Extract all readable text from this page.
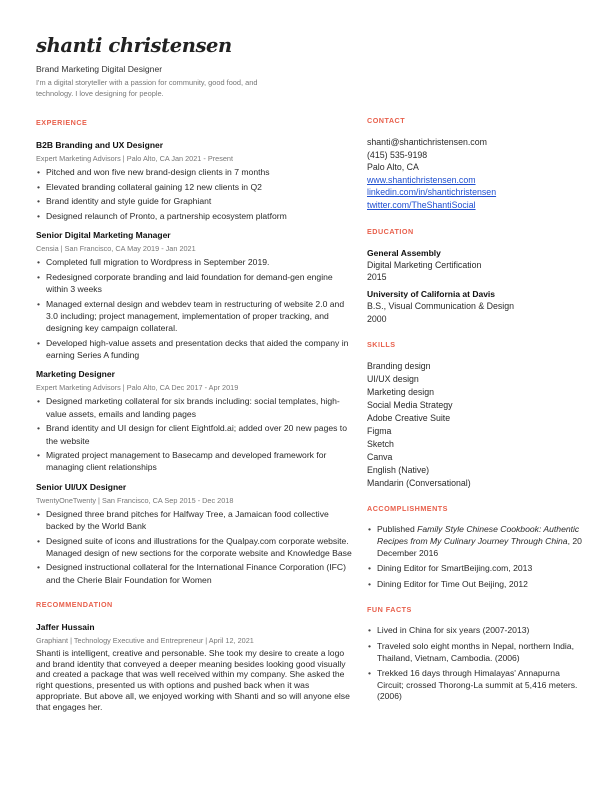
shanti christensen
Brand Marketing Digital Designer
I'm a digital storyteller with a passion for community, good food, and technology. I love designing for people.
EXPERIENCE
B2B Branding and UX Designer
Expert Marketing Advisors | Palo Alto, CA Jan 2021 - Present
• Pitched and won five new brand-design clients in 7 months
• Elevated branding collateral gaining 12 new clients in Q2
• Brand identity and style guide for Graphiant
• Designed relaunch of Pronto, a partnership ecosystem platform
Senior Digital Marketing Manager
Censia | San Francisco, CA May 2019 - Jan 2021
• Completed full migration to Wordpress in September 2019.
• Redesigned corporate branding and laid foundation for demand-gen engine within 3 weeks
• Managed external design and webdev team in restructuring of website 2.0 and 3.0 including; project management, implementation of proper tracking, and designing key campaign collateral.
• Developed high-value assets and presentation decks that aided the company in earning Series A funding
Marketing Designer
Expert Marketing Advisors | Palo Alto, CA Dec 2017 - Apr 2019
• Designed marketing collateral for six brands including: social templates, high-value assets, emails and landing pages
• Brand identity and UI design for client Eightfold.ai; added over 20 new pages to the website
• Migrated project management to Basecamp and developed framework for managing client relationships
Senior UI/UX Designer
TwentyOneTwenty | San Francisco, CA Sep 2015 - Dec 2018
• Designed three brand pitches for Halfway Tree, a Jamaican food collective backed by the World Bank
• Designed suite of icons and illustrations for the Qualpay.com corporate website. Managed design of new sections for the corporate website and Knowledge Base
• Designed instructional collateral for the International Finance Corporation (IFC) and the Cherie Blair Foundation for Women
RECOMMENDATION
Jaffer Hussain
Graphiant | Technology Executive and Entrepreneur | April 12, 2021
Shanti is intelligent, creative and personable. She took my desire to create a logo and brand identity that conveyed a deeper meaning besides looking good visually and created a package that was well received within my company. She asked the right questions, presented us with options and pushed back when it was appropriate. But above all, we enjoyed working with Shanti and so will anyone else that engages her.
CONTACT
shanti@shantichristensen.com
(415) 535-9198
Palo Alto, CA
www.shantichristensen.com
linkedin.com/in/shantichristensen
twitter.com/TheShantiSocial
EDUCATION
General Assembly
Digital Marketing Certification
2015
University of California at Davis
B.S., Visual Communication & Design
2000
SKILLS
Branding design
UI/UX design
Marketing design
Social Media Strategy
Adobe Creative Suite
Figma
Sketch
Canva
English (Native)
Mandarin (Conversational)
ACCOMPLISHMENTS
• Published Family Style Chinese Cookbook: Authentic Recipes from My Culinary Journey Through China, 20 December 2016
• Dining Editor for SmartBeijing.com, 2013
• Dining Editor for Time Out Beijing, 2012
FUN FACTS
• Lived in China for six years (2007-2013)
• Traveled solo eight months in Nepal, northern India, Thailand, Vietnam, Cambodia. (2006)
• Trekked 16 days through Himalayas' Annapurna Circuit; crossed Thorong-La summit at 5,416 meters. (2006)
